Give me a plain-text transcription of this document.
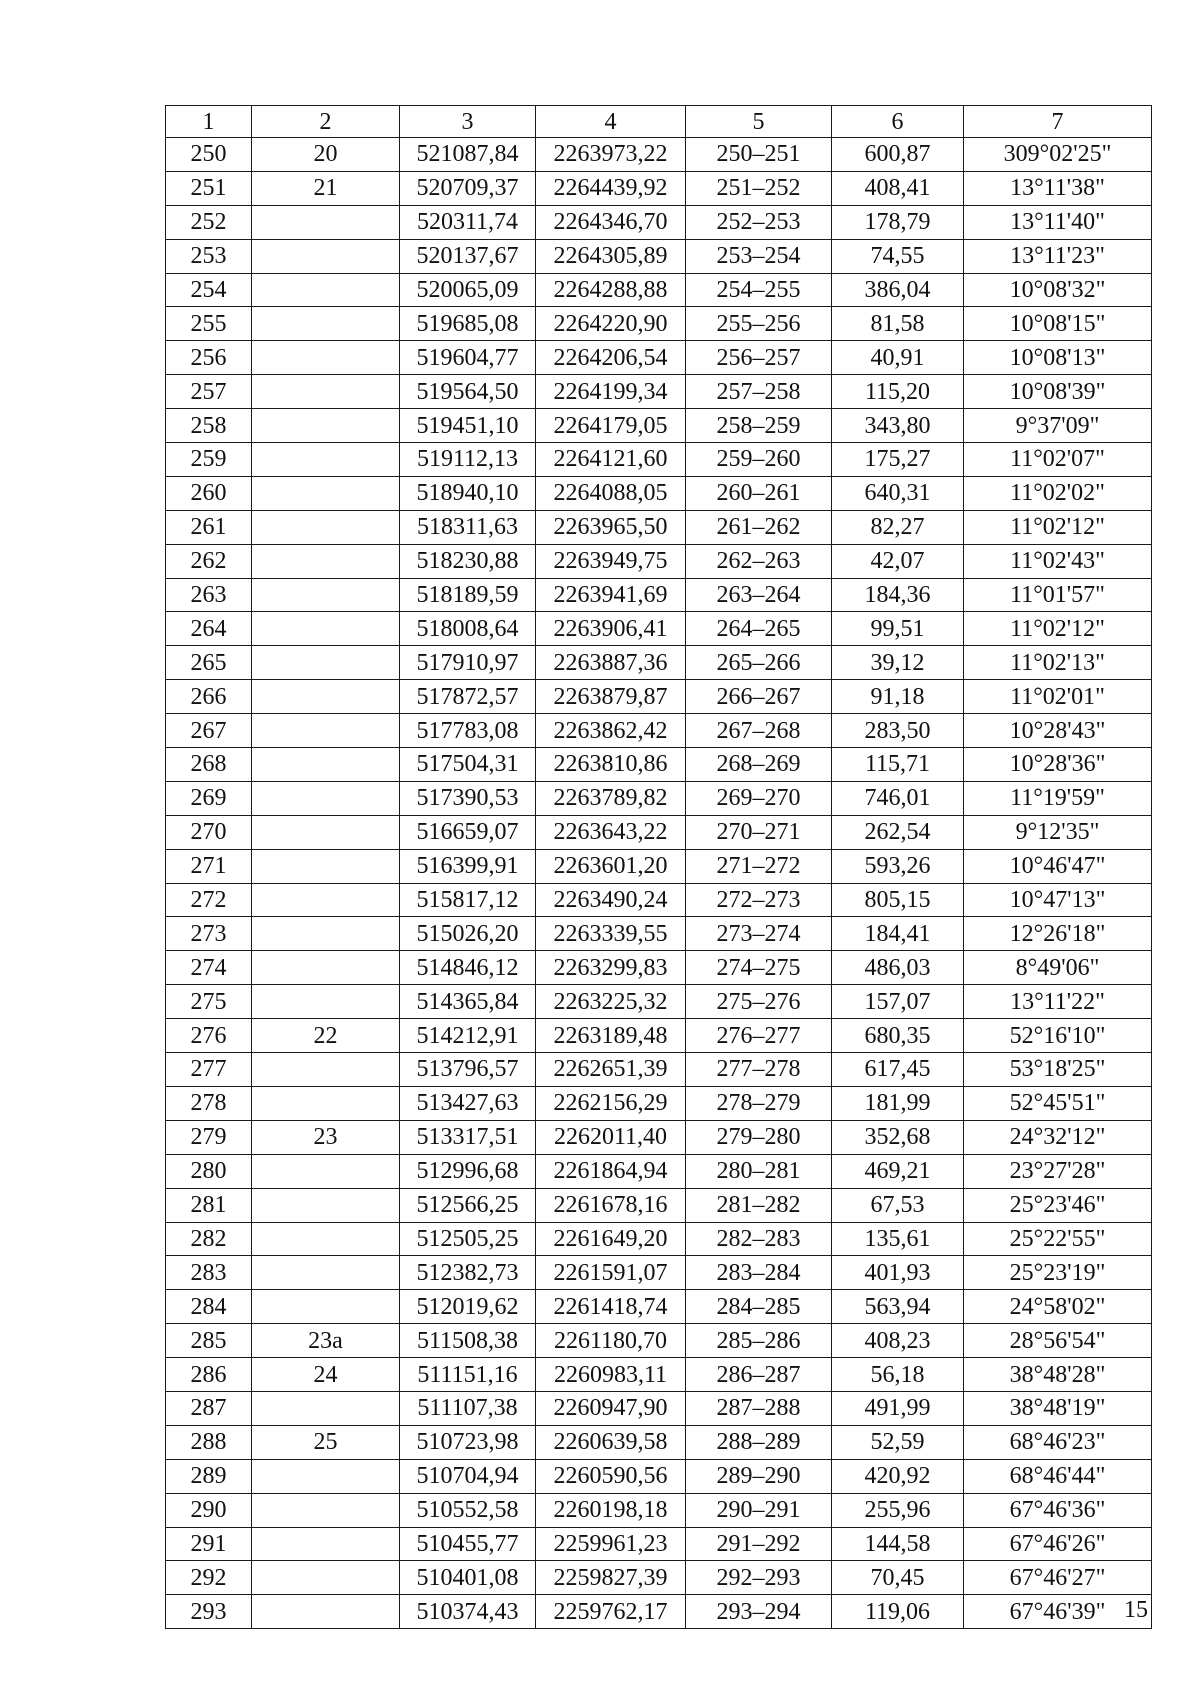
1	2	3	4	5	6	7
250	20	521087,84	2263973,22	250–251	600,87	309°02'25"
251	21	520709,37	2264439,92	251–252	408,41	13°11'38"
252		520311,74	2264346,70	252–253	178,79	13°11'40"
253		520137,67	2264305,89	253–254	74,55	13°11'23"
254		520065,09	2264288,88	254–255	386,04	10°08'32"
255		519685,08	2264220,90	255–256	81,58	10°08'15"
256		519604,77	2264206,54	256–257	40,91	10°08'13"
257		519564,50	2264199,34	257–258	115,20	10°08'39"
258		519451,10	2264179,05	258–259	343,80	9°37'09"
259		519112,13	2264121,60	259–260	175,27	11°02'07"
260		518940,10	2264088,05	260–261	640,31	11°02'02"
261		518311,63	2263965,50	261–262	82,27	11°02'12"
262		518230,88	2263949,75	262–263	42,07	11°02'43"
263		518189,59	2263941,69	263–264	184,36	11°01'57"
264		518008,64	2263906,41	264–265	99,51	11°02'12"
265		517910,97	2263887,36	265–266	39,12	11°02'13"
266		517872,57	2263879,87	266–267	91,18	11°02'01"
267		517783,08	2263862,42	267–268	283,50	10°28'43"
268		517504,31	2263810,86	268–269	115,71	10°28'36"
269		517390,53	2263789,82	269–270	746,01	11°19'59"
270		516659,07	2263643,22	270–271	262,54	9°12'35"
271		516399,91	2263601,20	271–272	593,26	10°46'47"
272		515817,12	2263490,24	272–273	805,15	10°47'13"
273		515026,20	2263339,55	273–274	184,41	12°26'18"
274		514846,12	2263299,83	274–275	486,03	8°49'06"
275		514365,84	2263225,32	275–276	157,07	13°11'22"
276	22	514212,91	2263189,48	276–277	680,35	52°16'10"
277		513796,57	2262651,39	277–278	617,45	53°18'25"
278		513427,63	2262156,29	278–279	181,99	52°45'51"
279	23	513317,51	2262011,40	279–280	352,68	24°32'12"
280		512996,68	2261864,94	280–281	469,21	23°27'28"
281		512566,25	2261678,16	281–282	67,53	25°23'46"
282		512505,25	2261649,20	282–283	135,61	25°22'55"
283		512382,73	2261591,07	283–284	401,93	25°23'19"
284		512019,62	2261418,74	284–285	563,94	24°58'02"
285	23а	511508,38	2261180,70	285–286	408,23	28°56'54"
286	24	511151,16	2260983,11	286–287	56,18	38°48'28"
287		511107,38	2260947,90	287–288	491,99	38°48'19"
288	25	510723,98	2260639,58	288–289	52,59	68°46'23"
289		510704,94	2260590,56	289–290	420,92	68°46'44"
290		510552,58	2260198,18	290–291	255,96	67°46'36"
291		510455,77	2259961,23	291–292	144,58	67°46'26"
292		510401,08	2259827,39	292–293	70,45	67°46'27"
293		510374,43	2259762,17	293–294	119,06	67°46'39" 15
